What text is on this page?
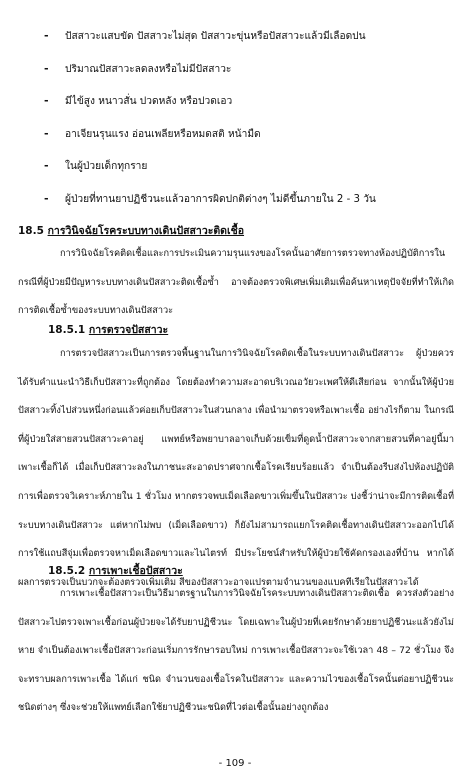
- ปัสสาวะแสบขัด ปัสสาวะไม่สุด ปัสสาวะขุ่นหรือปัสสาวะแล้วมีเลือดปน
- ปริมาณปัสสาวะลดลงหรือไม่มีปัสสาวะ
- มีไข้สูง หนาวสั่น ปวดหลัง หรือปวดเอว
- อาเจียนรุนแรง อ่อนเพลียหรือหมดสติ หน้ามืด
- ในผู้ป่วยเด็กทุกราย
- ผู้ป่วยที่ทานยาปฏิชีวนะแล้วอาการผิดปกติต่างๆ ไม่ดีขึ้นภายใน 2 - 3 วัน
18.5 การวินิจฉัยโรคระบบทางเดินปัสสาวะติดเชื้อ
การวินิจฉัยโรคติดเชื้อและการประเมินความรุนแรงของโรคนั้นอาศัยการตรวจทางห้องปฏิบัติการในกรณีที่ผู้ป่วยมีปัญหาระบบทางเดินปัสสาวะติดเชื้อซ้ำ อาจต้องตรวจพิเศษเพิ่มเติมเพื่อค้นหาเหตุปัจจัยที่ทำให้เกิดการติดเชื้อซ้ำของระบบทางเดินปัสสาวะ
18.5.1 การตรวจปัสสาวะ
การตรวจปัสสาวะเป็นการตรวจพื้นฐานในการวินิจฉัยโรคติดเชื้อในระบบทางเดินปัสสาวะ ผู้ป่วยควรได้รับคำแนะนำวิธีเก็บปัสสาวะที่ถูกต้อง โดยต้องทำความสะอาดบริเวณอวัยวะเพศให้ดีเสียก่อน จากนั้นให้ผู้ป่วยปัสสาวะทิ้งไปส่วนหนึ่งก่อนแล้วค่อยเก็บปัสสาวะในส่วนกลาง เพื่อนำมาตรวจหรือเพาะเชื้อ อย่างไรก็ตาม ในกรณีที่ผู้ป่วยใส่สายสวนปัสสาวะคาอยู่ แพทย์หรือพยาบาลอาจเก็บด้วยเข็มที่ดูดน้ำปัสสาวะจากสายสวนที่คาอยู่นี้มาเพาะเชื้อก็ได้ เมื่อเก็บปัสสาวะลงในภาชนะสะอาดปราศจากเชื้อโรคเรียบร้อยแล้ว จำเป็นต้องรีบส่งไปห้องปฏิบัติการเพื่อตรวจวิเคราะห์ภายใน 1 ชั่วโมง หากตรวจพบเม็ดเลือดขาวเพิ่มขึ้นในปัสสาวะ บ่งชี้ว่าน่าจะมีการติดเชื้อที่ระบบทางเดินปัสสาวะ แต่หากไม่พบ (เม็ดเลือดขาว) ก็ยังไม่สามารถแยกโรคติดเชื้อทางเดินปัสสาวะออกไปได้ การใช้แถบสีจุ่มเพื่อตรวจหาเม็ดเลือดขาวและไนไตรท์ มีประโยชน์สำหรับให้ผู้ป่วยใช้คัดกรองเองที่บ้าน หากได้ผลการตรวจเป็นบวกจะต้องตรวจเพิ่มเติม สีของปัสสาวะอาจแปรตามจำนวนของแบคทีเรียในปัสสาวะได้
18.5.2 การเพาะเชื้อปัสสาวะ
การเพาะเชื้อปัสสาวะเป็นวิธีมาตรฐานในการวินิจฉัยโรคระบบทางเดินปัสสาวะติดเชื้อ ควรส่งตัวอย่างปัสสาวะไปตรวจเพาะเชื้อก่อนผู้ป่วยจะได้รับยาปฏิชีวนะ โดยเฉพาะในผู้ป่วยที่เคยรักษาด้วยยาปฏิชีวนะแล้วยังไม่หาย จำเป็นต้องเพาะเชื้อปัสสาวะก่อนเริ่มการรักษารอบใหม่ การเพาะเชื้อปัสสาวะจะใช้เวลา 48 – 72 ชั่วโมง จึงจะทราบผลการเพาะเชื้อ ได้แก่ ชนิด จำนวนของเชื้อโรคในปัสสาวะ และความไวของเชื้อโรคนั้นต่อยาปฏิชีวนะชนิดต่างๆ ซึ่งจะช่วยให้แพทย์เลือกใช้ยาปฏิชีวนะชนิดที่ไวต่อเชื้อนั้นอย่างถูกต้อง
- 109 -
